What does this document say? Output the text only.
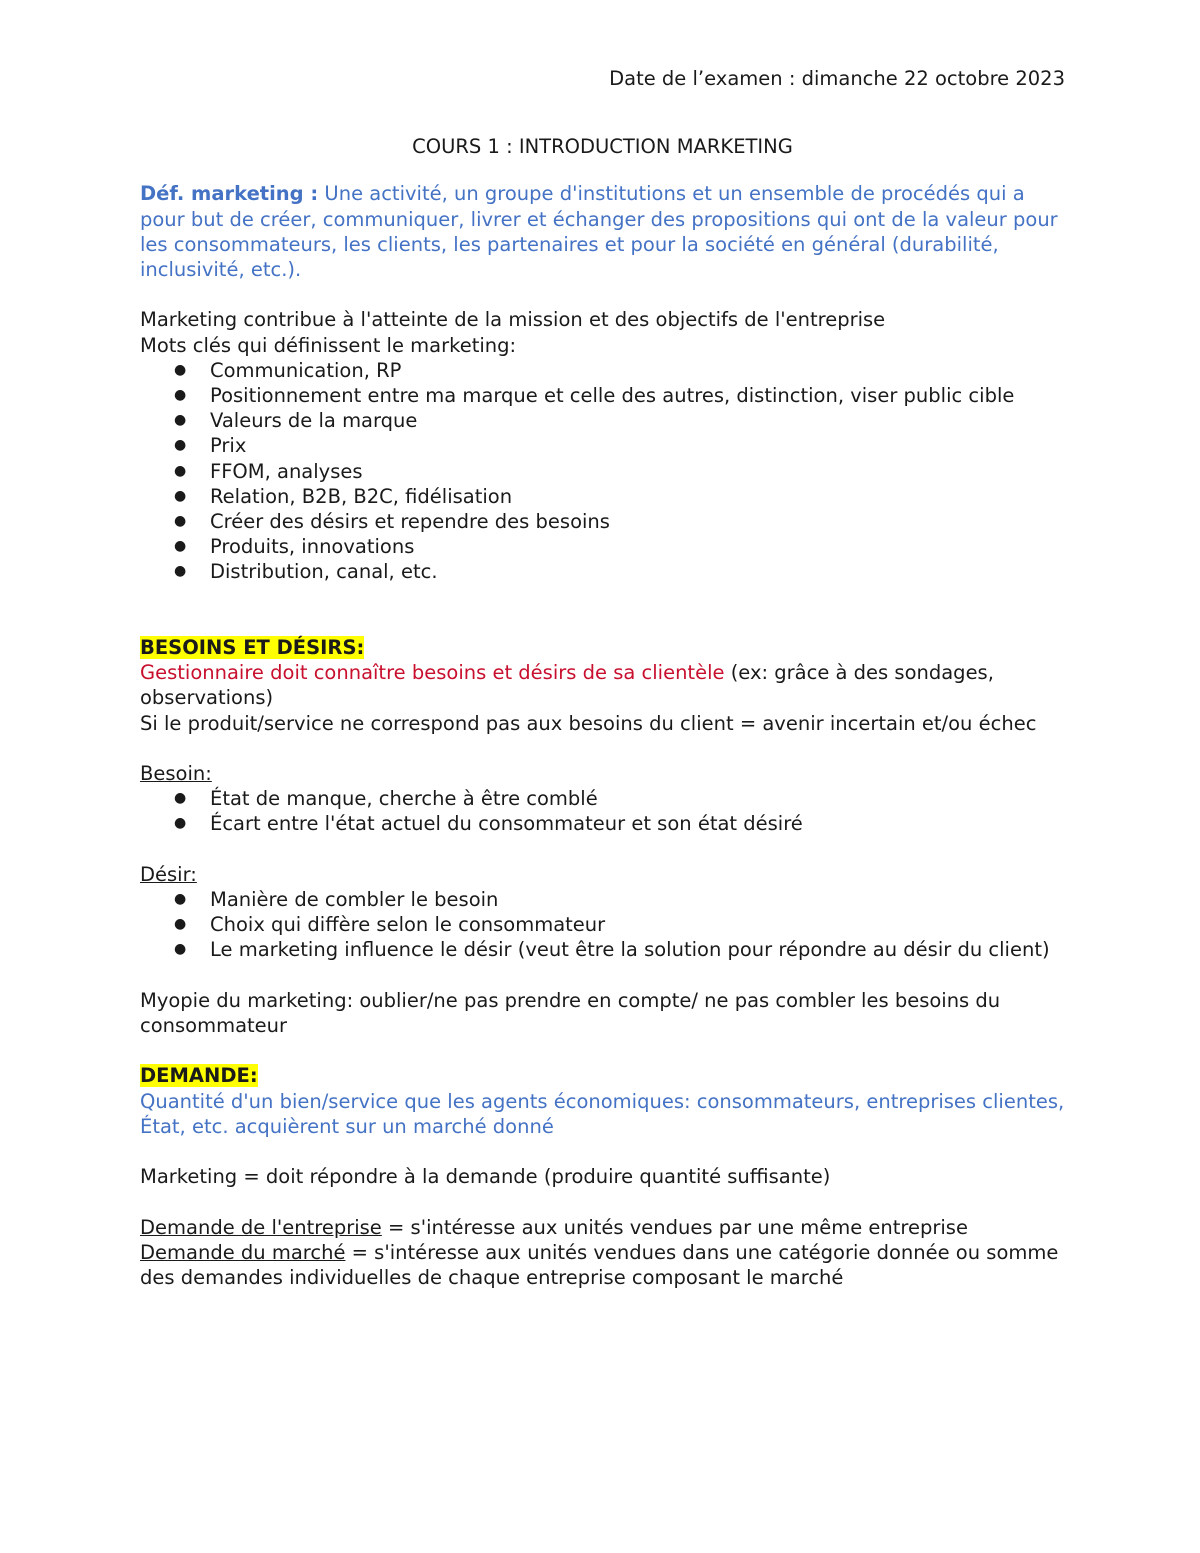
Date de l’examen : dimanche 22 octobre 2023
COURS 1 : INTRODUCTION MARKETING

Déf. marketing : Une activité, un groupe d'institutions et un ensemble de procédés qui a pour but de créer, communiquer, livrer et échanger des propositions qui ont de la valeur pour les consommateurs, les clients, les partenaires et pour la société en général (durabilité, inclusivité, etc.).

Marketing contribue à l'atteinte de la mission et des objectifs de l'entreprise

Mots clés qui définissent le marketing:

● Communication, RP
● Positionnement entre ma marque et celle des autres, distinction, viser public cible
● Valeurs de la marque
● Prix
● FFOM, analyses
● Relation, B2B, B2C, fidélisation
● Créer des désirs et rependre des besoins
● Produits, innovations
● Distribution, canal, etc.

BESOINS ET DÉSIRS:

Gestionnaire doit connaître besoins et désirs de sa clientèle (ex: grâce à des sondages, observations)

Si le produit/service ne correspond pas aux besoins du client = avenir incertain et/ou échec

Besoin:

● État de manque, cherche à être comblé
● Écart entre l'état actuel du consommateur et son état désiré

Désir:

● Manière de combler le besoin
● Choix qui diffère selon le consommateur
● Le marketing influence le désir (veut être la solution pour répondre au désir du client)

Myopie du marketing: oublier/ne pas prendre en compte/ ne pas combler les besoins du consommateur

DEMANDE:

Quantité d'un bien/service que les agents économiques: consommateurs, entreprises clientes, État, etc. acquièrent sur un marché donné

Marketing = doit répondre à la demande (produire quantité suffisante)

Demande de l'entreprise = s'intéresse aux unités vendues par une même entreprise

Demande du marché = s'intéresse aux unités vendues dans une catégorie donnée ou somme des demandes individuelles de chaque entreprise composant le marché
